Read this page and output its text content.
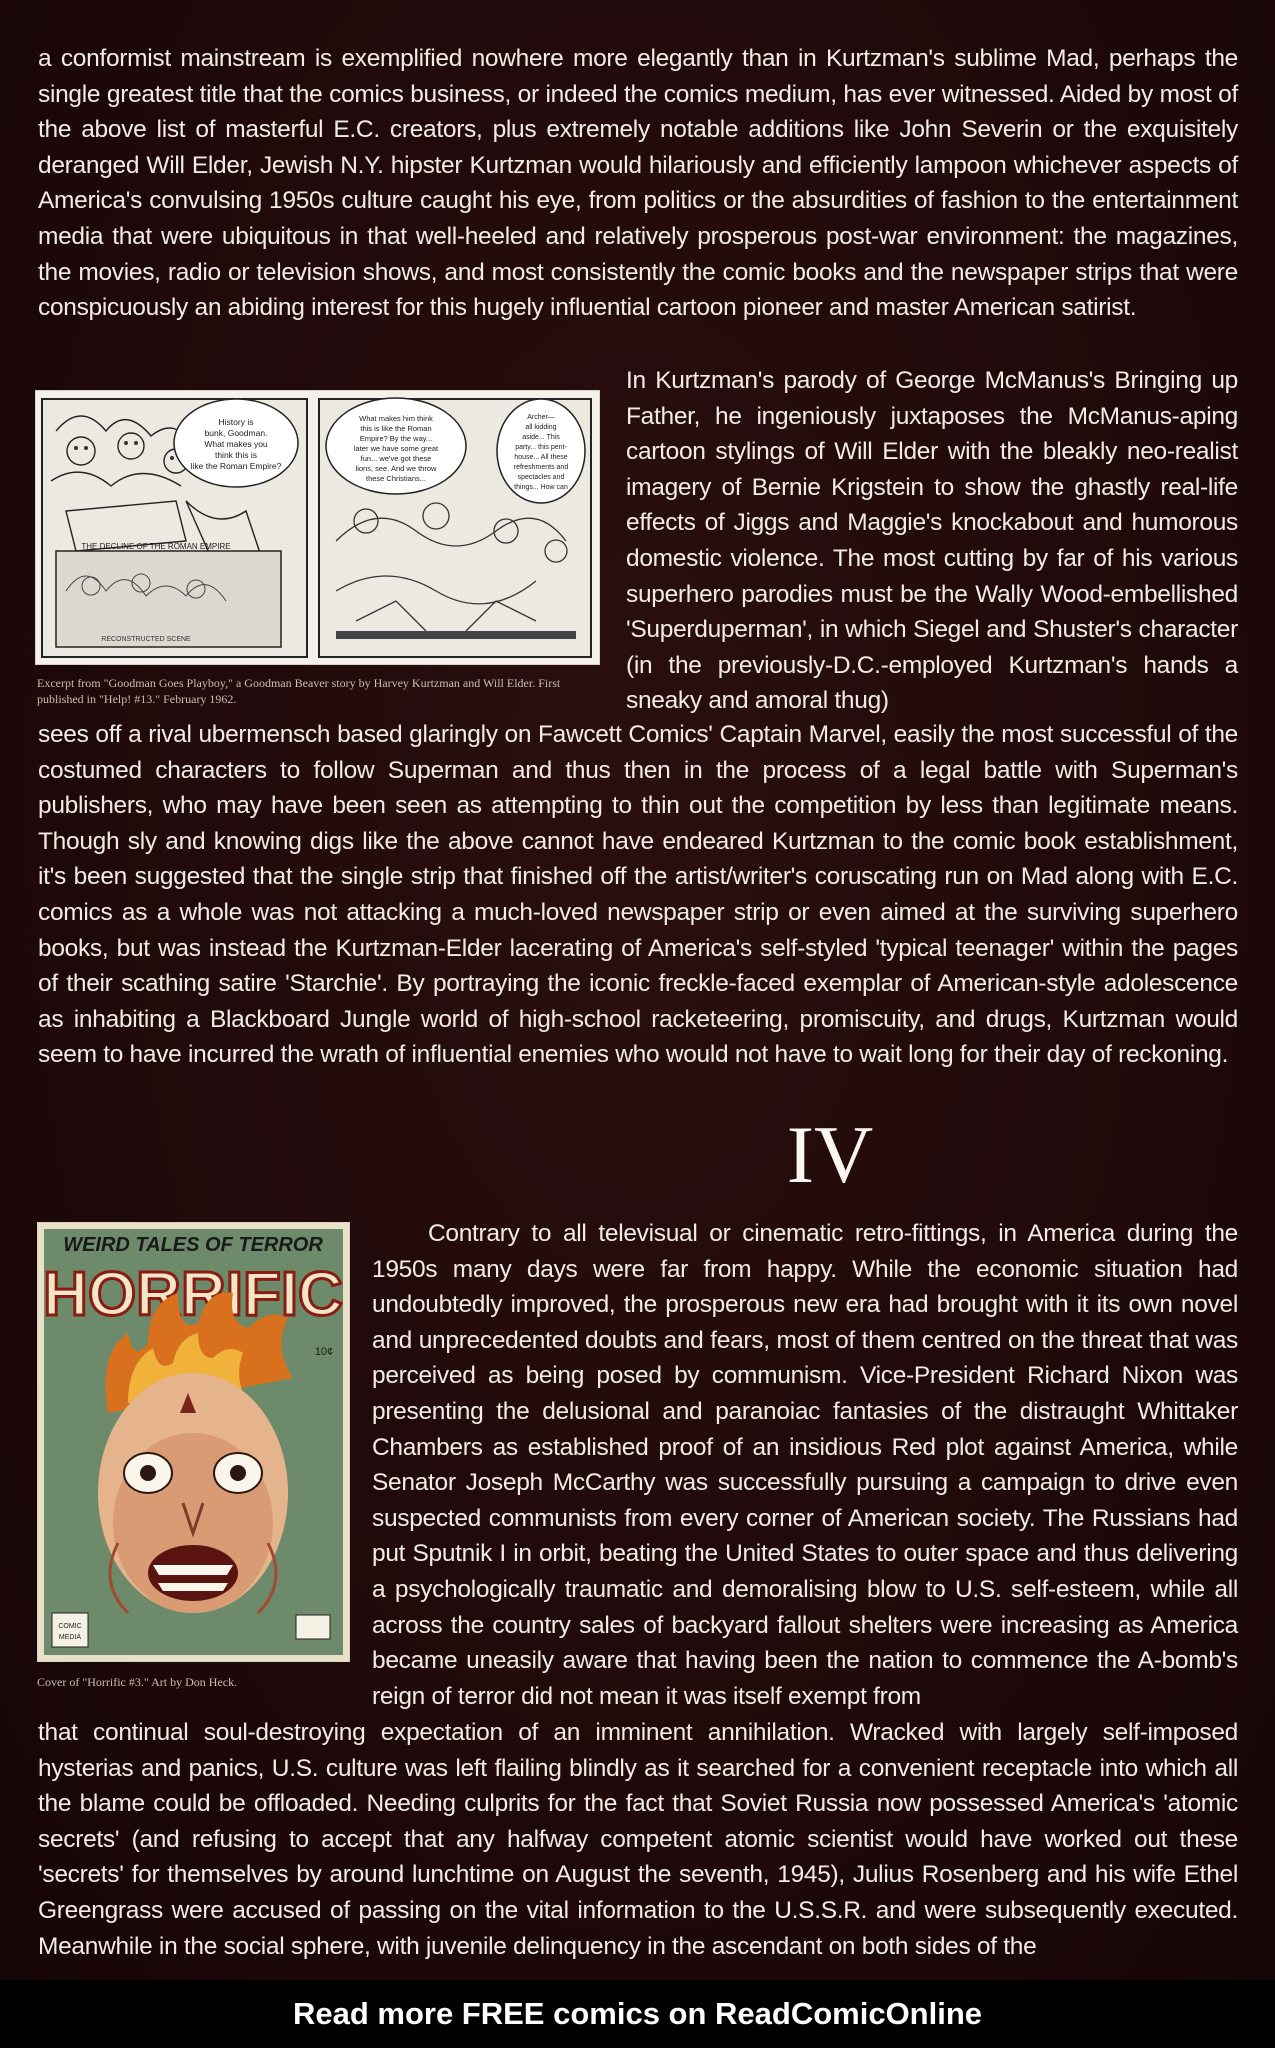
a conformist mainstream is exemplified nowhere more elegantly than in Kurtzman's sublime Mad, perhaps the single greatest title that the comics business, or indeed the comics medium, has ever witnessed. Aided by most of the above list of masterful E.C. creators, plus extremely notable additions like John Severin or the exquisitely deranged Will Elder, Jewish N.Y. hipster Kurtzman would hilariously and efficiently lampoon whichever aspects of America's convulsing 1950s culture caught his eye, from politics or the absurdities of fashion to the entertainment media that were ubiquitous in that well-heeled and relatively prosperous post-war environment: the magazines, the movies, radio or television shows, and most consistently the comic books and the newspaper strips that were conspicuously an abiding interest for this hugely influential cartoon pioneer and master American satirist.

History is
bunk, Goodman.
What makes you
think this is
like the Roman Empire?
THE DECLINE OF THE ROMAN EMPIRE
RECONSTRUCTED SCENE
What makes him think
this is like the Roman
Empire? By the way...
later we have some great
fun... we've got these
lions, see. And we throw
these Christians...
Archer—
all kidding
aside... This
party... this pent-
house... All these
refreshments and
spectacles and
things... How can
Excerpt from "Goodman Goes Playboy," a Goodman Beaver story by Harvey Kurtzman and Will Elder. First published in "Help! #13." February 1962.

In Kurtzman's parody of George McManus's Bringing up Father, he ingeniously juxtaposes the McManus-aping cartoon stylings of Will Elder with the bleakly neo-realist imagery of Bernie Krigstein to show the ghastly real-life effects of Jiggs and Maggie's knockabout and humorous domestic violence. The most cutting by far of his various superhero parodies must be the Wally Wood-embellished 'Superduperman', in which Siegel and Shuster's character (in the previously-D.C.-employed Kurtzman's hands a sneaky and amoral thug)

sees off a rival ubermensch based glaringly on Fawcett Comics' Captain Marvel, easily the most successful of the costumed characters to follow Superman and thus then in the process of a legal battle with Superman's publishers, who may have been seen as attempting to thin out the competition by less than legitimate means. Though sly and knowing digs like the above cannot have endeared Kurtzman to the comic book establishment, it's been suggested that the single strip that finished off the artist/writer's coruscating run on Mad along with E.C. comics as a whole was not attacking a much-loved newspaper strip or even aimed at the surviving superhero books, but was instead the Kurtzman-Elder lacerating of America's self-styled 'typical teenager' within the pages of their scathing satire 'Starchie'. By portraying the iconic freckle-faced exemplar of American-style adolescence as inhabiting a Blackboard Jungle world of high-school racketeering, promiscuity, and drugs, Kurtzman would seem to have incurred the wrath of influential enemies who would not have to wait long for their day of reckoning.

IV
WEIRD TALES OF TERROR
HORRIFIC
10¢
COMIC
MEDIA
Cover of "Horrific #3." Art by Don Heck.

Contrary to all televisual or cinematic retro-fittings, in America during the 1950s many days were far from happy. While the economic situation had undoubtedly improved, the prosperous new era had brought with it its own novel and unprecedented doubts and fears, most of them centred on the threat that was perceived as being posed by communism. Vice-President Richard Nixon was presenting the delusional and paranoiac fantasies of the distraught Whittaker Chambers as established proof of an insidious Red plot against America, while Senator Joseph McCarthy was successfully pursuing a campaign to drive even suspected communists from every corner of American society. The Russians had put Sputnik I in orbit, beating the United States to outer space and thus delivering a psychologically traumatic and demoralising blow to U.S. self-esteem, while all across the country sales of backyard fallout shelters were increasing as America became uneasily aware that having been the nation to commence the A-bomb's reign of terror did not mean it was itself exempt from

that continual soul-destroying expectation of an imminent annihilation. Wracked with largely self-imposed hysterias and panics, U.S. culture was left flailing blindly as it searched for a convenient receptacle into which all the blame could be offloaded. Needing culprits for the fact that Soviet Russia now possessed America's 'atomic secrets' (and refusing to accept that any halfway competent atomic scientist would have worked out these 'secrets' for themselves by around lunchtime on August the seventh, 1945), Julius Rosenberg and his wife Ethel Greengrass were accused of passing on the vital information to the U.S.S.R. and were subsequently executed. Meanwhile in the social sphere, with juvenile delinquency in the ascendant on both sides of the

Read more FREE comics on ReadComicOnline
